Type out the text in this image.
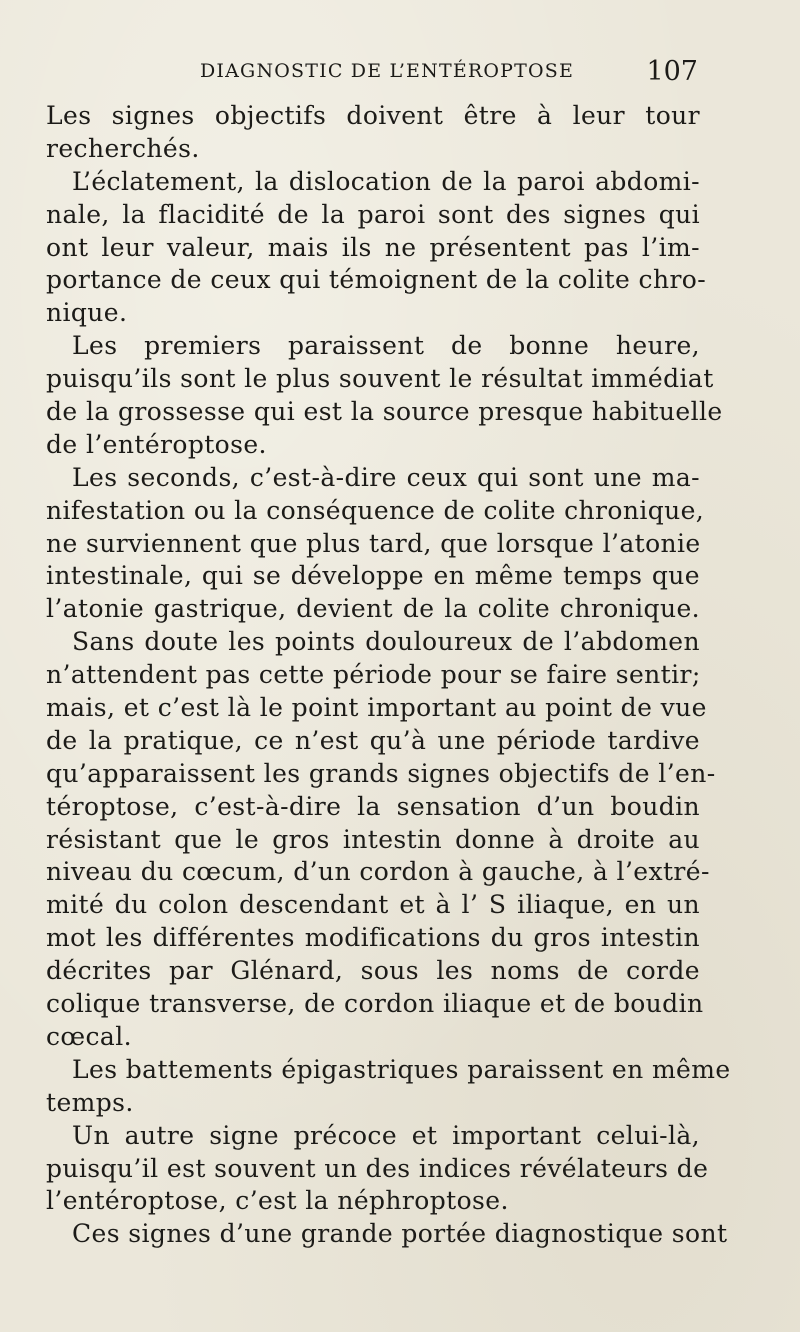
DIAGNOSTIC DE L’ENTÉROPTOSE	107
Les signes objectifs doivent être à leur tour
recherchés.
L’éclatement, la dislocation de la paroi abdomi-
nale, la flacidité de la paroi sont des signes qui
ont leur valeur, mais ils ne présentent pas l’im-
portance de ceux qui témoignent de la colite chro-
nique.
Les premiers paraissent de bonne heure,
puisqu’ils sont le plus souvent le résultat immédiat
de la grossesse qui est la source presque habituelle
de l’entéroptose.
Les seconds, c’est-à-dire ceux qui sont une ma-
nifestation ou la conséquence de colite chronique,
ne surviennent que plus tard, que lorsque l’atonie
intestinale, qui se développe en même temps que
l’atonie gastrique, devient de la colite chronique.
Sans doute les points douloureux de l’abdomen
n’attendent pas cette période pour se faire sentir;
mais, et c’est là le point important au point de vue
de la pratique, ce n’est qu’à une période tardive
qu’apparaissent les grands signes objectifs de l’en-
téroptose, c’est-à-dire la sensation d’un boudin
résistant que le gros intestin donne à droite au
niveau du cœcum, d’un cordon à gauche, à l’extré-
mité du colon descendant et à l’ S iliaque, en un
mot les différentes modifications du gros intestin
décrites par Glénard, sous les noms de corde
colique transverse, de cordon iliaque et de boudin
cœcal.
Les battements épigastriques paraissent en même
temps.
Un autre signe précoce et important celui-là,
puisqu’il est souvent un des indices révélateurs de
l’entéroptose, c’est la néphroptose.
Ces signes d’une grande portée diagnostique sont
